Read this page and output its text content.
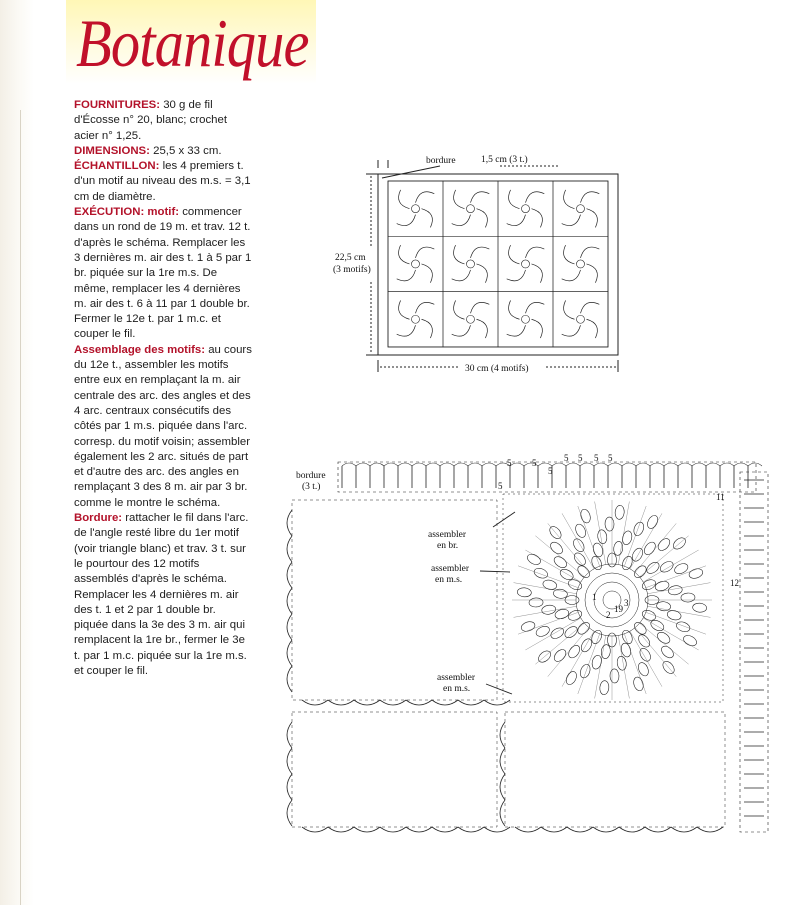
Botanique

FOURNITURES: 30 g de fil d'Écosse n° 20, blanc; crochet acier n° 1,25.

DIMENSIONS: 25,5 x 33 cm.

ÉCHANTILLON: les 4 premiers t. d'un motif au niveau des m.s. = 3,1 cm de diamètre.

EXÉCUTION: motif: commencer dans un rond de 19 m. et trav. 12 t. d'après le schéma. Remplacer les 3 dernières m. air des t. 1 à 5 par 1 br. piquée sur la 1re m.s. De même, remplacer les 4 dernières m. air des t. 6 à 11 par 1 double br. Fermer le 12e t. par 1 m.c. et couper le fil.

Assemblage des motifs: au cours du 12e t., assembler les motifs entre eux en remplaçant la m. air centrale des arc. des angles et des 4 arc. centraux consécutifs des côtés par 1 m.s. piquée dans l'arc. corresp. du motif voisin; assembler également les 2 arc. situés de part et d'autre des arc. des angles en remplaçant 3 des 8 m. air par 3 br. comme le montre le schéma.

Bordure: rattacher le fil dans l'arc. de l'angle resté libre du 1er motif (voir triangle blanc) et trav. 3 t. sur le pourtour des 12 motifs assemblés d'après le schéma. Remplacer les 4 dernières m. air des t. 1 et 2 par 1 double br. piquée dans la 3e des 3 m. air qui remplacent la 1re br., fermer le 3e t. par 1 m.c. piquée sur la 1re m.s. et couper le fil.

bordure	1,5 cm (3 t.)
22,5 cm
(3 motifs)
30 cm (4 motifs)
bordure
(3 t.)
assembler
en br.
assembler
en m.s.
assembler
en m.s.
5 5
5
5 5 5 5
5
11
12
19
1
2
3
